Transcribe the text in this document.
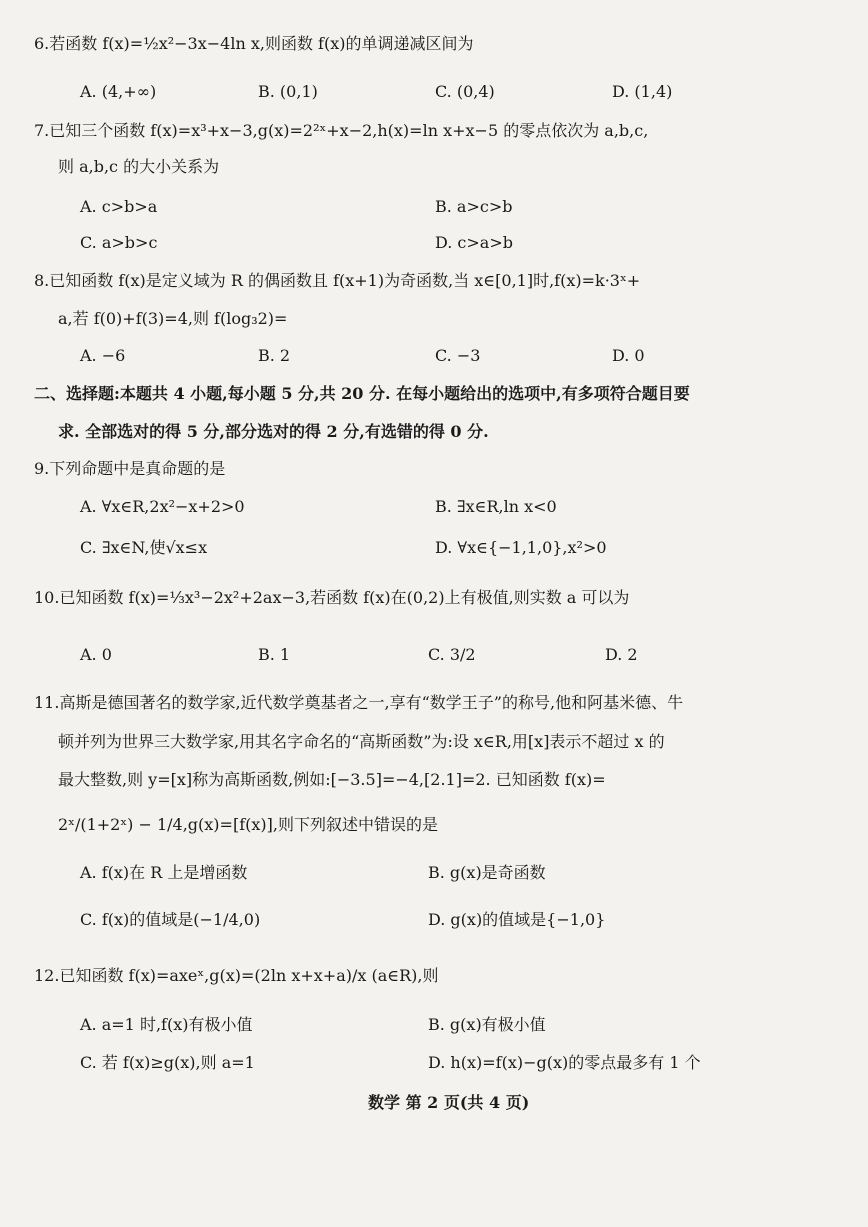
6.若函数 f(x)=½x²−3x−4ln x,则函数 f(x)的单调递减区间为
A. (4,+∞)	B. (0,1)	C. (0,4)	D. (1,4)
7.已知三个函数 f(x)=x³+x−3,g(x)=2²ˣ+x−2,h(x)=ln x+x−5 的零点依次为 a,b,c,
则 a,b,c 的大小关系为
A. c>b>a	B. a>c>b
C. a>b>c	D. c>a>b
8.已知函数 f(x)是定义域为 R 的偶函数且 f(x+1)为奇函数,当 x∈[0,1]时,f(x)=k·3ˣ+
a,若 f(0)+f(3)=4,则 f(log₃2)=
A. −6	B. 2	C. −3	D. 0
二、选择题:本题共 4 小题,每小题 5 分,共 20 分. 在每小题给出的选项中,有多项符合题目要
求. 全部选对的得 5 分,部分选对的得 2 分,有选错的得 0 分.
9.下列命题中是真命题的是
A. ∀x∈R,2x²−x+2>0	B. ∃x∈R,ln x<0
C. ∃x∈N,使√x≤x	D. ∀x∈{−1,1,0},x²>0
10.已知函数 f(x)=⅓x³−2x²+2ax−3,若函数 f(x)在(0,2)上有极值,则实数 a 可以为
A. 0	B. 1	C. 3/2	D. 2
11.高斯是德国著名的数学家,近代数学奠基者之一,享有“数学王子”的称号,他和阿基米德、牛
顿并列为世界三大数学家,用其名字命名的“高斯函数”为:设 x∈R,用[x]表示不超过 x 的
最大整数,则 y=[x]称为高斯函数,例如:[−3.5]=−4,[2.1]=2. 已知函数 f(x)=
2ˣ/(1+2ˣ) − 1/4,g(x)=[f(x)],则下列叙述中错误的是
A. f(x)在 R 上是增函数	B. g(x)是奇函数
C. f(x)的值域是(−1/4,0)	D. g(x)的值域是{−1,0}
12.已知函数 f(x)=axeˣ,g(x)=(2ln x+x+a)/x (a∈R),则
A. a=1 时,f(x)有极小值	B. g(x)有极小值
C. 若 f(x)≥g(x),则 a=1	D. h(x)=f(x)−g(x)的零点最多有 1 个
数学 第 2 页(共 4 页)
